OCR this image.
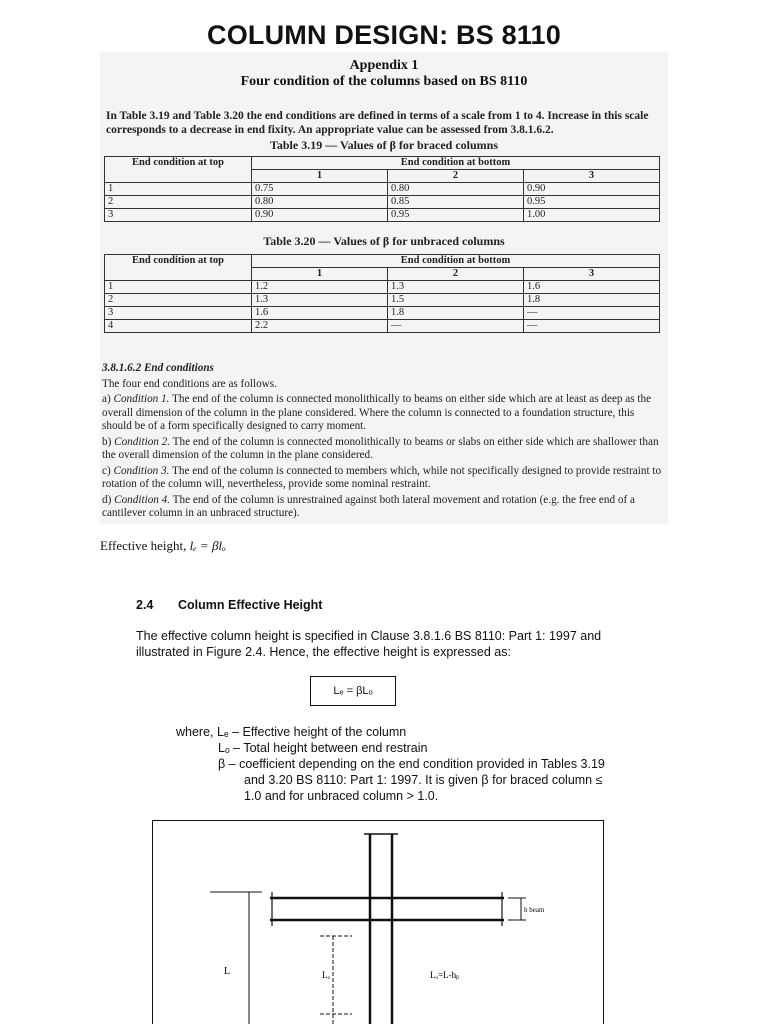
COLUMN DESIGN: BS 8110
Appendix 1
Four condition of the columns based on BS 8110
In Table 3.19 and Table 3.20 the end conditions are defined in terms of a scale from 1 to 4. Increase in this scale corresponds to a decrease in end fixity. An appropriate value can be assessed from 3.8.1.6.2.
Table 3.19 — Values of β for braced columns
End condition at top	End condition at bottom		
	1	2	3
1	0.75	0.80	0.90
2	0.80	0.85	0.95
3	0.90	0.95	1.00
Table 3.20 — Values of β for unbraced columns
End condition at top	End condition at bottom		
	1	2	3
1	1.2	1.3	1.6
2	1.3	1.5	1.8
3	1.6	1.8	—
4	2.2	—	—
3.8.1.6.2 End conditions
The four end conditions are as follows.
a) Condition 1. The end of the column is connected monolithically to beams on either side which are at least as deep as the overall dimension of the column in the plane considered. Where the column is connected to a foundation structure, this should be of a form specifically designed to carry moment.
b) Condition 2. The end of the column is connected monolithically to beams or slabs on either side which are shallower than the overall dimension of the column in the plane considered.
c) Condition 3. The end of the column is connected to members which, while not specifically designed to provide restraint to rotation of the column will, nevertheless, provide some nominal restraint.
d) Condition 4. The end of the column is unrestrained against both lateral movement and rotation (e.g. the free end of a cantilever column in an unbraced structure).
Effective height, lₑ = βlₒ
2.4 Column Effective Height
The effective column height is specified in Clause 3.8.1.6 BS 8110: Part 1: 1997 and illustrated in Figure 2.4. Hence, the effective height is expressed as:
Lₑ = βLₒ
where, Lₑ – Effective height of the column
Lₒ – Total height between end restrain
β – coefficient depending on the end condition provided in Tables 3.19
and 3.20 BS 8110: Part 1: 1997. It is given β for braced column ≤
1.0 and for unbraced column > 1.0.
h beam
L	Lₒ	Lₒ=L-hᵦ
